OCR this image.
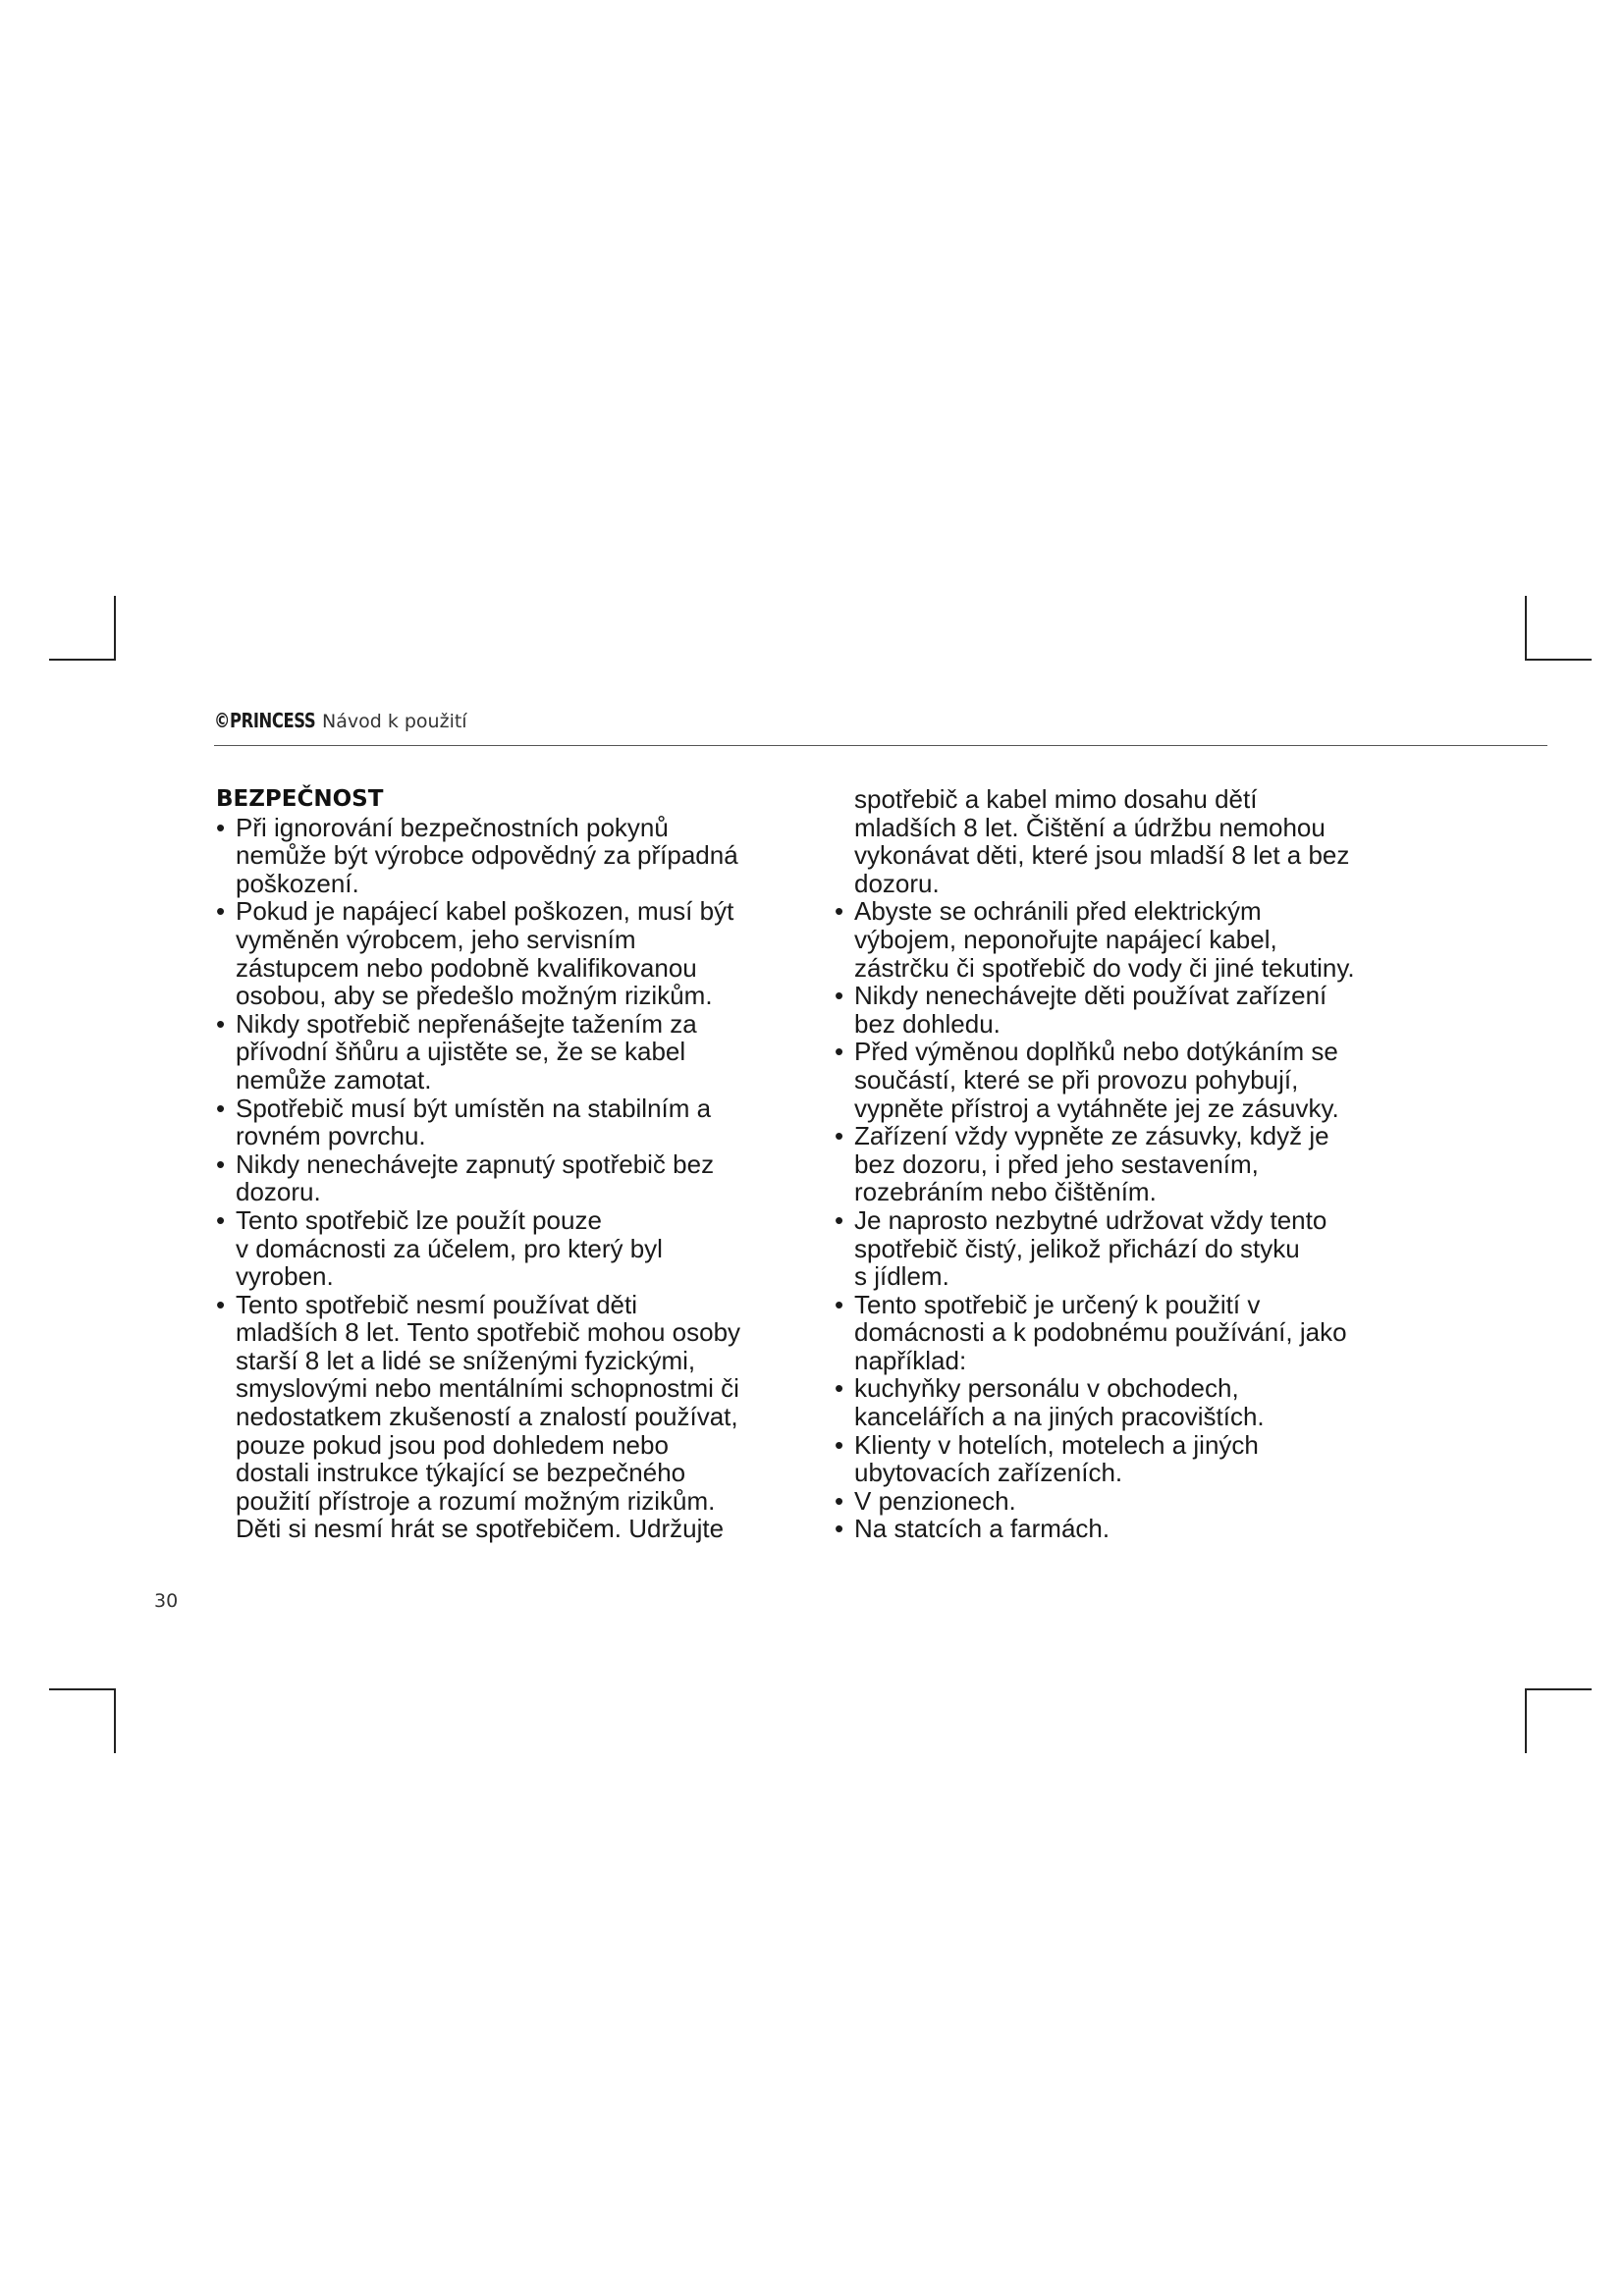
©PRINCESS Návod k použití

BEZPEČNOST

• Při ignorování bezpečnostních pokynů
nemůže být výrobce odpovědný za případná
poškození.
• Pokud je napájecí kabel poškozen, musí být
vyměněn výrobcem, jeho servisním
zástupcem nebo podobně kvalifikovanou
osobou, aby se předešlo možným rizikům.
• Nikdy spotřebič nepřenášejte tažením za
přívodní šňůru a ujistěte se, že se kabel
nemůže zamotat.
• Spotřebič musí být umístěn na stabilním a
rovném povrchu.
• Nikdy nenechávejte zapnutý spotřebič bez
dozoru.
• Tento spotřebič lze použít pouze
v domácnosti za účelem, pro který byl
vyroben.
• Tento spotřebič nesmí používat děti
mladších 8 let. Tento spotřebič mohou osoby
starší 8 let a lidé se sníženými fyzickými,
smyslovými nebo mentálními schopnostmi či
nedostatkem zkušeností a znalostí používat,
pouze pokud jsou pod dohledem nebo
dostali instrukce týkající se bezpečného
použití přístroje a rozumí možným rizikům.
Děti si nesmí hrát se spotřebičem. Udržujte
spotřebič a kabel mimo dosahu dětí
mladších 8 let. Čištění a údržbu nemohou
vykonávat děti, které jsou mladší 8 let a bez
dozoru.
• Abyste se ochránili před elektrickým
výbojem, neponořujte napájecí kabel,
zástrčku či spotřebič do vody či jiné tekutiny.
• Nikdy nenechávejte děti používat zařízení
bez dohledu.
• Před výměnou doplňků nebo dotýkáním se
součástí, které se při provozu pohybují,
vypněte přístroj a vytáhněte jej ze zásuvky.
• Zařízení vždy vypněte ze zásuvky, když je
bez dozoru, i před jeho sestavením,
rozebráním nebo čištěním.
• Je naprosto nezbytné udržovat vždy tento
spotřebič čistý, jelikož přichází do styku
s jídlem.
• Tento spotřebič je určený k použití v
domácnosti a k podobnému používání, jako
například:
• kuchyňky personálu v obchodech,
kancelářích a na jiných pracovištích.
• Klienty v hotelích, motelech a jiných
ubytovacích zařízeních.
• V penzionech.
• Na statcích a farmách.
30
